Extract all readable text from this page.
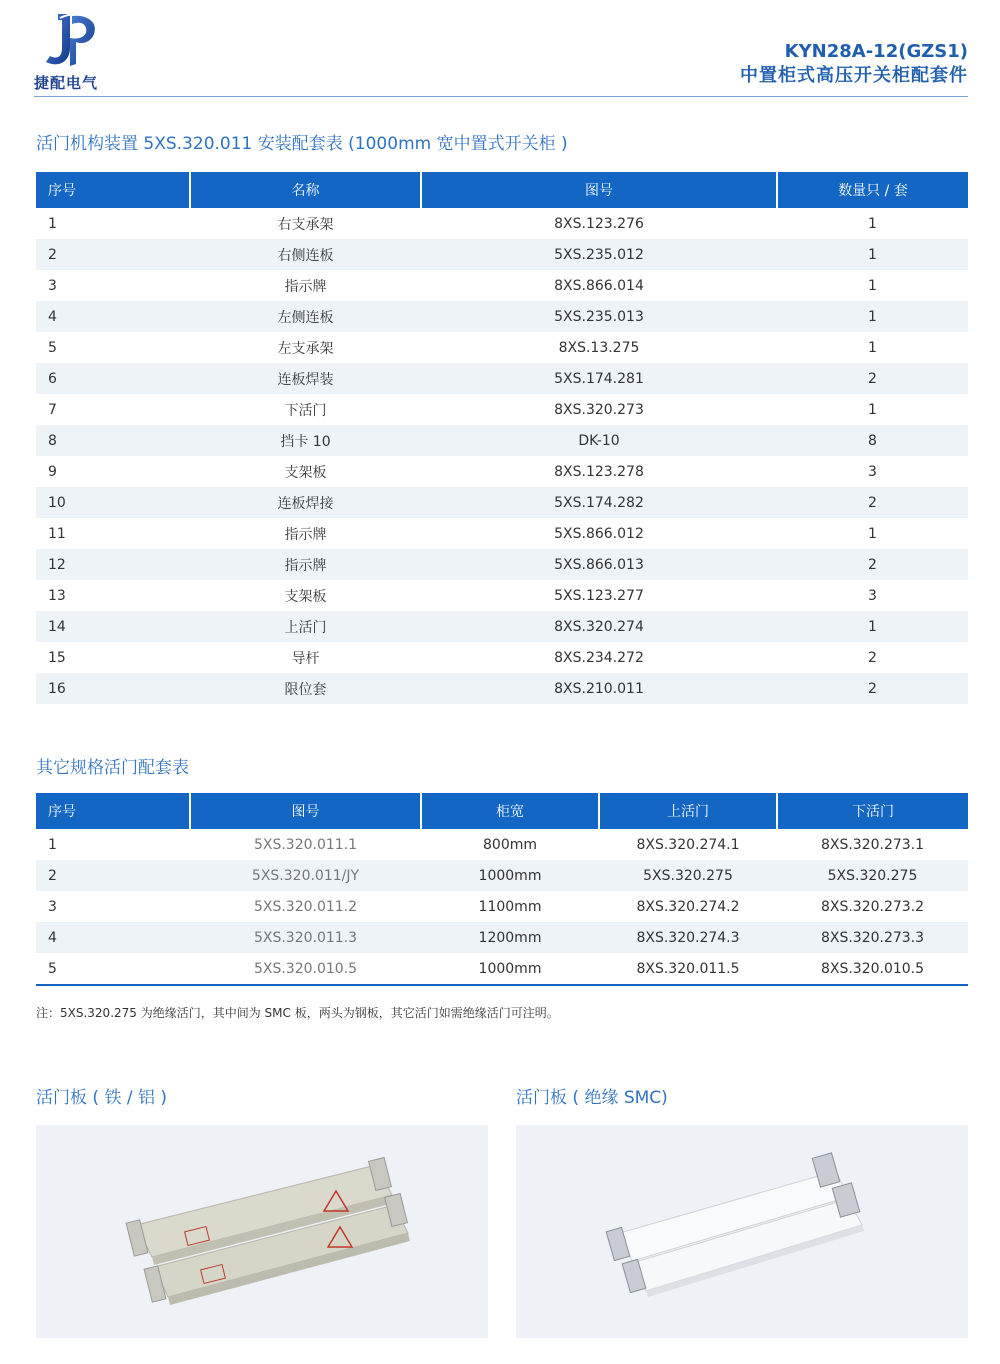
捷配电气
KYN28A-12(GZS1)
中置柜式高压开关柜配套件
活门机构装置 5XS.320.011 安装配套表 (1000mm 宽中置式开关柜 )
序号	名称	图号	数量只 / 套
1	右支承架	8XS.123.276	1
2	右侧连板	5XS.235.012	1
3	指示牌	8XS.866.014	1
4	左侧连板	5XS.235.013	1
5	左支承架	8XS.13.275	1
6	连板焊装	5XS.174.281	2
7	下活门	8XS.320.273	1
8	挡卡 10	DK-10	8
9	支架板	8XS.123.278	3
10	连板焊接	5XS.174.282	2
11	指示牌	5XS.866.012	1
12	指示牌	5XS.866.013	2
13	支架板	5XS.123.277	3
14	上活门	8XS.320.274	1
15	导杆	8XS.234.272	2
16	限位套	8XS.210.011	2
其它规格活门配套表
序号	图号	柜宽	上活门	下活门
1	5XS.320.011.1	800mm	8XS.320.274.1	8XS.320.273.1
2	5XS.320.011/JY	1000mm	5XS.320.275	5XS.320.275
3	5XS.320.011.2	1100mm	8XS.320.274.2	8XS.320.273.2
4	5XS.320.011.3	1200mm	8XS.320.274.3	8XS.320.273.3
5	5XS.320.010.5	1000mm	8XS.320.011.5	8XS.320.010.5
注：5XS.320.275 为绝缘活门，其中间为 SMC 板，两头为钢板，其它活门如需绝缘活门可注明。
活门板 ( 铁 / 铝 )	活门板 ( 绝缘 SMC)
